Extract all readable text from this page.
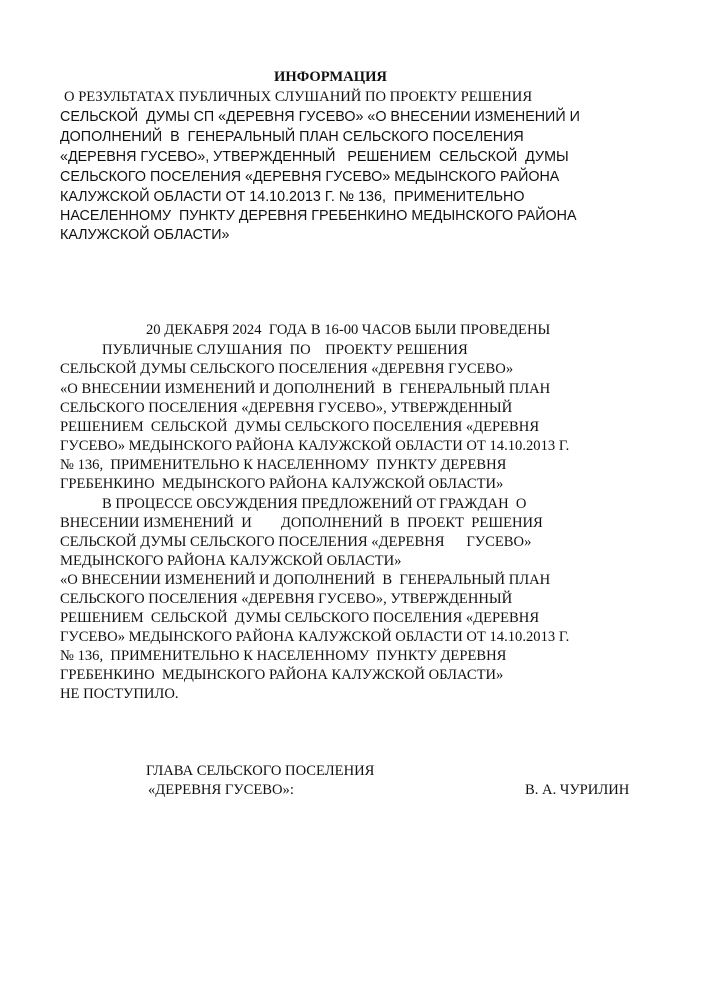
ИНФОРМАЦИЯ
О РЕЗУЛЬТАТАХ ПУБЛИЧНЫХ СЛУШАНИЙ ПО ПРОЕКТУ РЕШЕНИЯ
СЕЛЬСКОЙ  ДУМЫ СП «ДЕРЕВНЯ ГУСЕВО» «О ВНЕСЕНИИ ИЗМЕНЕНИЙ И
ДОПОЛНЕНИЙ  В  ГЕНЕРАЛЬНЫЙ ПЛАН СЕЛЬСКОГО ПОСЕЛЕНИЯ
«ДЕРЕВНЯ ГУСЕВО», УТВЕРЖДЕННЫЙ   РЕШЕНИЕМ  СЕЛЬСКОЙ  ДУМЫ
СЕЛЬСКОГО ПОСЕЛЕНИЯ «ДЕРЕВНЯ ГУСЕВО» МЕДЫНСКОГО РАЙОНА
КАЛУЖСКОЙ ОБЛАСТИ ОТ 14.10.2013 Г. № 136,  ПРИМЕНИТЕЛЬНО
НАСЕЛЕННОМУ  ПУНКТУ ДЕРЕВНЯ ГРЕБЕНКИНО МЕДЫНСКОГО РАЙОНА
КАЛУЖСКОЙ ОБЛАСТИ»
20 ДЕКАБРЯ 2024  ГОДА В 16-00 ЧАСОВ БЫЛИ ПРОВЕДЕНЫ
ПУБЛИЧНЫЕ СЛУШАНИЯ  ПО    ПРОЕКТУ РЕШЕНИЯ
СЕЛЬСКОЙ ДУМЫ СЕЛЬСКОГО ПОСЕЛЕНИЯ «ДЕРЕВНЯ ГУСЕВО»
«О ВНЕСЕНИИ ИЗМЕНЕНИЙ И ДОПОЛНЕНИЙ  В  ГЕНЕРАЛЬНЫЙ ПЛАН
СЕЛЬСКОГО ПОСЕЛЕНИЯ «ДЕРЕВНЯ ГУСЕВО», УТВЕРЖДЕННЫЙ
РЕШЕНИЕМ  СЕЛЬСКОЙ  ДУМЫ СЕЛЬСКОГО ПОСЕЛЕНИЯ «ДЕРЕВНЯ
ГУСЕВО» МЕДЫНСКОГО РАЙОНА КАЛУЖСКОЙ ОБЛАСТИ ОТ 14.10.2013 Г.
№ 136,  ПРИМЕНИТЕЛЬНО К НАСЕЛЕННОМУ  ПУНКТУ ДЕРЕВНЯ
ГРЕБЕНКИНО  МЕДЫНСКОГО РАЙОНА КАЛУЖСКОЙ ОБЛАСТИ»
В ПРОЦЕССЕ ОБСУЖДЕНИЯ ПРЕДЛОЖЕНИЙ ОТ ГРАЖДАН  О
ВНЕСЕНИИ ИЗМЕНЕНИЙ  И        ДОПОЛНЕНИЙ  В  ПРОЕКТ  РЕШЕНИЯ
СЕЛЬСКОЙ ДУМЫ СЕЛЬСКОГО ПОСЕЛЕНИЯ «ДЕРЕВНЯ      ГУСЕВО»
МЕДЫНСКОГО РАЙОНА КАЛУЖСКОЙ ОБЛАСТИ»
«О ВНЕСЕНИИ ИЗМЕНЕНИЙ И ДОПОЛНЕНИЙ  В  ГЕНЕРАЛЬНЫЙ ПЛАН
СЕЛЬСКОГО ПОСЕЛЕНИЯ «ДЕРЕВНЯ ГУСЕВО», УТВЕРЖДЕННЫЙ
РЕШЕНИЕМ  СЕЛЬСКОЙ  ДУМЫ СЕЛЬСКОГО ПОСЕЛЕНИЯ «ДЕРЕВНЯ
ГУСЕВО» МЕДЫНСКОГО РАЙОНА КАЛУЖСКОЙ ОБЛАСТИ ОТ 14.10.2013 Г.
№ 136,  ПРИМЕНИТЕЛЬНО К НАСЕЛЕННОМУ  ПУНКТУ ДЕРЕВНЯ
ГРЕБЕНКИНО  МЕДЫНСКОГО РАЙОНА КАЛУЖСКОЙ ОБЛАСТИ»
НЕ ПОСТУПИЛО.
ГЛАВА СЕЛЬСКОГО ПОСЕЛЕНИЯ
«ДЕРЕВНЯ ГУСЕВО»:	В. А. ЧУРИЛИН
